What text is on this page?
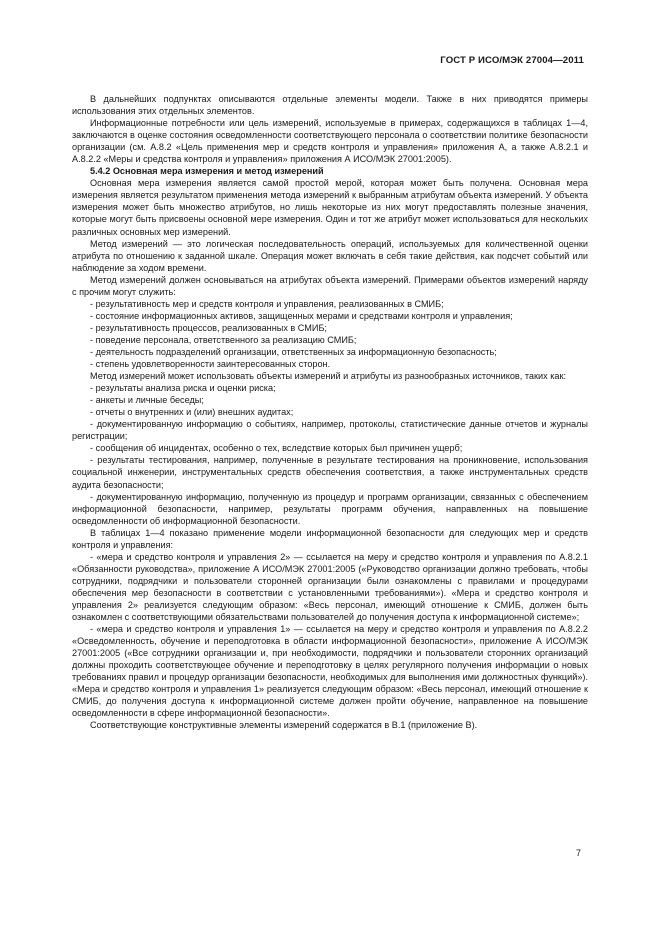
ГОСТ Р ИСО/МЭК 27004—2011

В дальнейших подпунктах описываются отдельные элементы модели. Также в них приводятся примеры использования этих отдельных элементов.

Информационные потребности или цель измерений, используемые в примерах, содержащихся в таблицах 1—4, заключаются в оценке состояния осведомленности соответствующего персонала о соответствии политике безопасности организации (см. А.8.2 «Цель применения мер и средств контроля и управления» приложения А, а также А.8.2.1 и А.8.2.2 «Меры и средства контроля и управления» приложения А ИСО/МЭК 27001:2005).

5.4.2 Основная мера измерения и метод измерений

Основная мера измерения является самой простой мерой, которая может быть получена. Основная мера измерения является результатом применения метода измерений к выбранным атрибутам объекта измерений. У объекта измерения может быть множество атрибутов, но лишь некоторые из них могут предоставлять полезные значения, которые могут быть присвоены основной мере измерения. Один и тот же атрибут может использоваться для нескольких различных основных мер измерений.

Метод измерений — это логическая последовательность операций, используемых для количественной оценки атрибута по отношению к заданной шкале. Операция может включать в себя такие действия, как подсчет событий или наблюдение за ходом времени.

Метод измерений должен основываться на атрибутах объекта измерений. Примерами объектов измерений наряду с прочим могут служить:

- результативность мер и средств контроля и управления, реализованных в СМИБ;

- состояние информационных активов, защищенных мерами и средствами контроля и управления;

- результативность процессов, реализованных в СМИБ;

- поведение персонала, ответственного за реализацию СМИБ;

- деятельность подразделений организации, ответственных за информационную безопасность;

- степень удовлетворенности заинтересованных сторон.

Метод измерений может использовать объекты измерений и атрибуты из разнообразных источников, таких как:

- результаты анализа риска и оценки риска;

- анкеты и личные беседы;

- отчеты о внутренних и (или) внешних аудитах;

- документированную информацию о событиях, например, протоколы, статистические данные отчетов и журналы регистрации;

- сообщения об инцидентах, особенно о тех, вследствие которых был причинен ущерб;

- результаты тестирования, например, полученные в результате тестирования на проникновение, использования социальной инженерии, инструментальных средств обеспечения соответствия, а также инструментальных средств аудита безопасности;

- документированную информацию, полученную из процедур и программ организации, связанных с обеспечением информационной безопасности, например, результаты программ обучения, направленных на повышение осведомленности об информационной безопасности.

В таблицах 1—4 показано применение модели информационной безопасности для следующих мер и средств контроля и управления:

- «мера и средство контроля и управления 2» — ссылается на меру и средство контроля и управления по А.8.2.1 «Обязанности руководства», приложение А ИСО/МЭК 27001:2005 («Руководство организации должно требовать, чтобы сотрудники, подрядчики и пользователи сторонней организации были ознакомлены с правилами и процедурами обеспечения мер безопасности в соответствии с установленными требованиями»). «Мера и средство контроля и управления 2» реализуется следующим образом: «Весь персонал, имеющий отношение к СМИБ, должен быть ознакомлен с соответствующими обязательствами пользователей до получения доступа к информационной системе»;

- «мера и средство контроля и управления 1» — ссылается на меру и средство контроля и управления по А.8.2.2 «Осведомленность, обучение и переподготовка в области информационной безопасности», приложение А ИСО/МЭК 27001:2005 («Все сотрудники организации и, при необходимости, подрядчики и пользователи сторонних организаций должны проходить соответствующее обучение и переподготовку в целях регулярного получения информации о новых требованиях правил и процедур организации безопасности, необходимых для выполнения ими должностных функций»). «Мера и средство контроля и управления 1» реализуется следующим образом: «Весь персонал, имеющий отношение к СМИБ, до получения доступа к информационной системе должен пройти обучение, направленное на повышение осведомленности в сфере информационной безопасности».

Соответствующие конструктивные элементы измерений содержатся в В.1 (приложение В).

7
